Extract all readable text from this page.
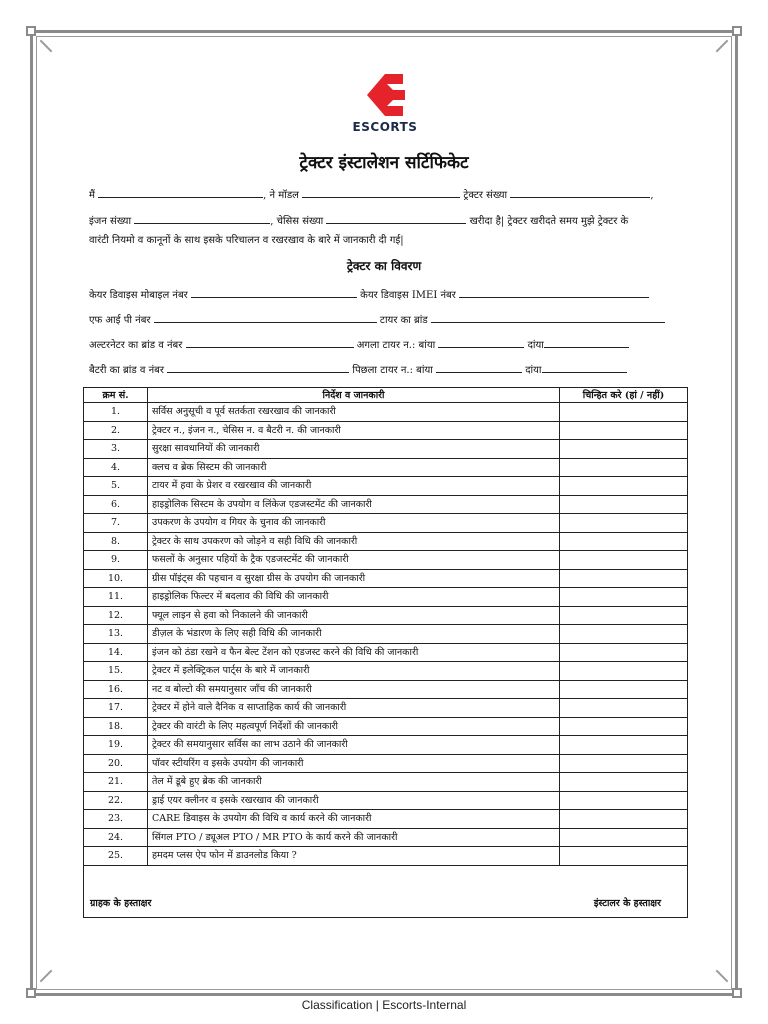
ESCORTS
ट्रेक्टर इंस्टालेशन सर्टिफिकेट
मैं	, ने मॉडल	ट्रेक्टर संख्या	,
इंजन संख्या	, चेसिस संख्या	खरीदा है| ट्रेक्टर खरीदते समय मुझे ट्रेक्टर के
वारंटी नियमो व कानूनों के साथ इसके परिचालन व रखरखाव के बारे में जानकारी दी गई|
ट्रेक्टर का विवरण
केयर डिवाइस मोबाइल नंबर	केयर डिवाइस IMEI नंबर
एफ आई पी नंबर	टायर का ब्रांड
अल्टरनेटर का ब्रांड व नंबर	अगला टायर न.: बांया	दांया
बैटरी का ब्रांड व नंबर	पिछला टायर न.: बांया	दांया
क्रम सं.	निर्देश व जानकारी	चिन्हित करे (हां / नहीं)
1.	सर्विस अनुसूची व पूर्व सतर्कता रखरखाव की जानकारी	
2.	ट्रेक्टर न., इंजन न., चेसिस न. व बैटरी न. की जानकारी	
3.	सुरक्षा सावधानियों की जानकारी	
4.	क्लच व ब्रेक सिस्टम की जानकारी	
5.	टायर में हवा के प्रेशर व रखरखाव की जानकारी	
6.	हाइड्रोलिक सिस्टम के उपयोग व लिंकेज एडजस्टमेंट की जानकारी	
7.	उपकरण के उपयोग व गियर के चुनाव की जानकारी	
8.	ट्रेक्टर के साथ उपकरण को जोड़ने व सही विधि की जानकारी	
9.	फसलों के अनुसार पहियों के ट्रैक एडजस्टमेंट की जानकारी	
10.	ग्रीस पॉइंट्स की पहचान व सुरक्षा ग्रीस के उपयोग की जानकारी	
11.	हाइड्रोलिक फिल्टर में बदलाव की विधि की जानकारी	
12.	फ्यूल लाइन से हवा को निकालने की जानकारी	
13.	डीज़ल के भंडारण के लिए सही विधि की जानकारी	
14.	इंजन को ठंडा रखने व फैन बेल्ट टेंशन को एडजस्ट करने की विधि की जानकारी	
15.	ट्रेक्टर में इलेक्ट्रिकल पार्ट्स के बारे में जानकारी	
16.	नट व बोल्टो की समयानुसार जाँच की जानकारी	
17.	ट्रेक्टर में होने वाले दैनिक व साप्ताहिक कार्य की जानकारी	
18.	ट्रेक्टर की वारंटी के लिए महत्वपूर्ण निर्देशों की जानकारी	
19.	ट्रेक्टर की समयानुसार सर्विस का लाभ उठाने की जानकारी	
20.	पॉवर स्टीयरिंग व इसके उपयोग की जानकारी	
21.	तेल में डूबे हुए ब्रेक की जानकारी	
22.	ड्राई एयर क्लीनर व इसके रखरखाव की जानकारी	
23.	CARE डिवाइस के उपयोग की विधि व कार्य करने की जानकारी	
24.	सिंगल PTO / ड्यूअल PTO / MR PTO के कार्य करने की जानकारी	
25.	हमदम प्लस ऐप फोन में डाउनलोड किया ?	

ग्राहक के हस्ताक्षर इंस्टालर के हस्ताक्षर		
Classification | Escorts-Internal
